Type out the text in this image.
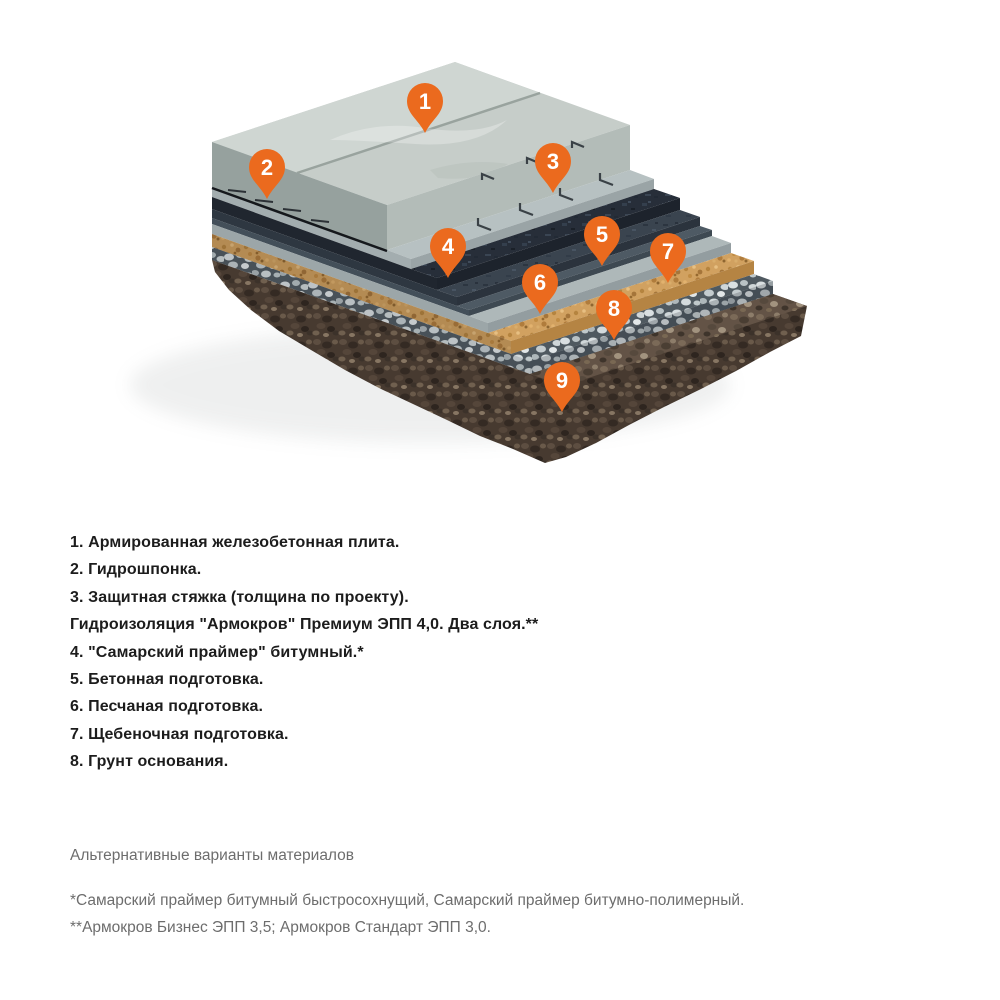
1
2	3
4	5
6
7
8
9
1. Армированная железобетонная плита.
2. Гидрошпонка.
3. Защитная стяжка (толщина по проекту).
Гидроизоляция "Армокров" Премиум ЭПП 4,0. Два слоя.**
4. "Самарский праймер" битумный.*
5. Бетонная подготовка.
6. Песчаная подготовка.
7. Щебеночная подготовка.
8. Грунт основания.
Альтернативные варианты материалов
*Самарский праймер битумный быстросохнущий, Самарский праймер битумно-полимерный.
**Армокров Бизнес ЭПП 3,5; Армокров Стандарт ЭПП 3,0.
